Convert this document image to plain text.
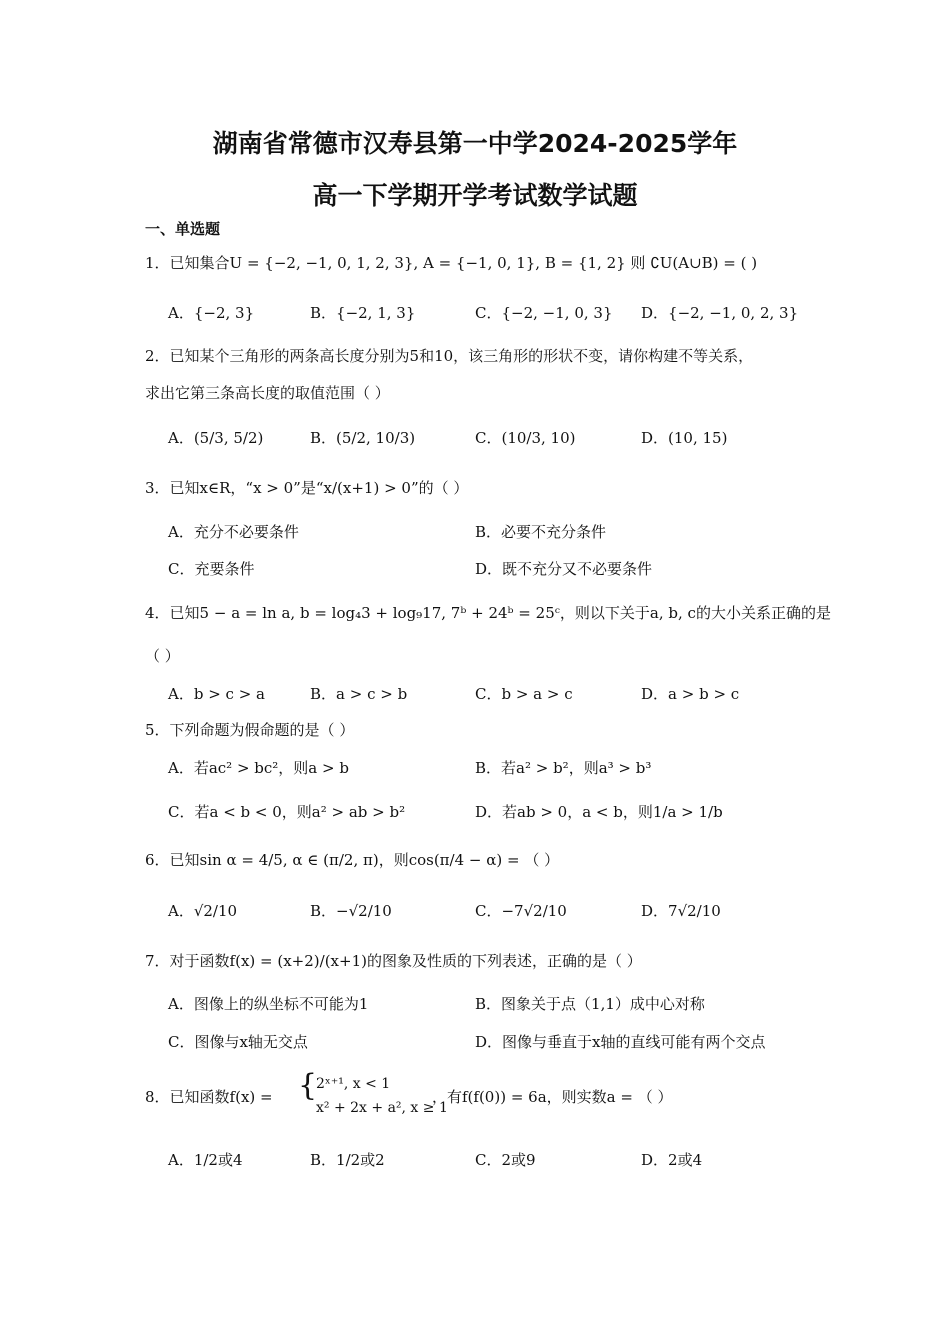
湖南省常德市汉寿县第一中学2024-2025学年
高一下学期开学考试数学试题
一、单选题
1．已知集合U = {−2, −1, 0, 1, 2, 3}, A = {−1, 0, 1}, B = {1, 2} 则 ∁U(A∪B) = ( )
A．{−2, 3}	B．{−2, 1, 3}	C．{−2, −1, 0, 3} D．{−2, −1, 0, 2, 3}
2．已知某个三角形的两条高长度分别为5和10，该三角形的形状不变，请你构建不等关系，
求出它第三条高长度的取值范围（ ）
A．(5/3, 5/2)	B．(5/2, 10/3)	C．(10/3, 10)	D．(10, 15)
3．已知x∈R，“x > 0”是“x/(x+1) > 0”的（ ）
A．充分不必要条件	B．必要不充分条件
C．充要条件	D．既不充分又不必要条件
4．已知5 − a = ln a, b = log₄3 + log₉17, 7ᵇ + 24ᵇ = 25ᶜ，则以下关于a, b, c的大小关系正确的是
（ ）
A．b > c > a	B．a > c > b	C．b > a > c	D．a > b > c
5．下列命题为假命题的是（ ）
A．若ac² > bc²，则a > b	B．若a² > b²，则a³ > b³
C．若a < b < 0，则a² > ab > b²	D．若ab > 0，a < b，则1/a > 1/b
6．已知sin α = 4/5, α ∈ (π/2, π)，则cos(π/4 − α) = （ ）
A．√2/10	B．−√2/10	C．−7√2/10	D．7√2/10
7．对于函数f(x) = (x+2)/(x+1)的图象及性质的下列表述，正确的是（ ）
A．图像上的纵坐标不可能为1	B．图象关于点（1,1）成中心对称
C．图像与x轴无交点	D．图像与垂直于x轴的直线可能有两个交点
8．已知函数f(x) = {
2ˣ⁺¹, x < 1
x² + 2x + a², x ≥ 1
，有f(f(0)) = 6a，则实数a = （ ）
A．1/2或4	B．1/2或2	C．2或9	D．2或4
